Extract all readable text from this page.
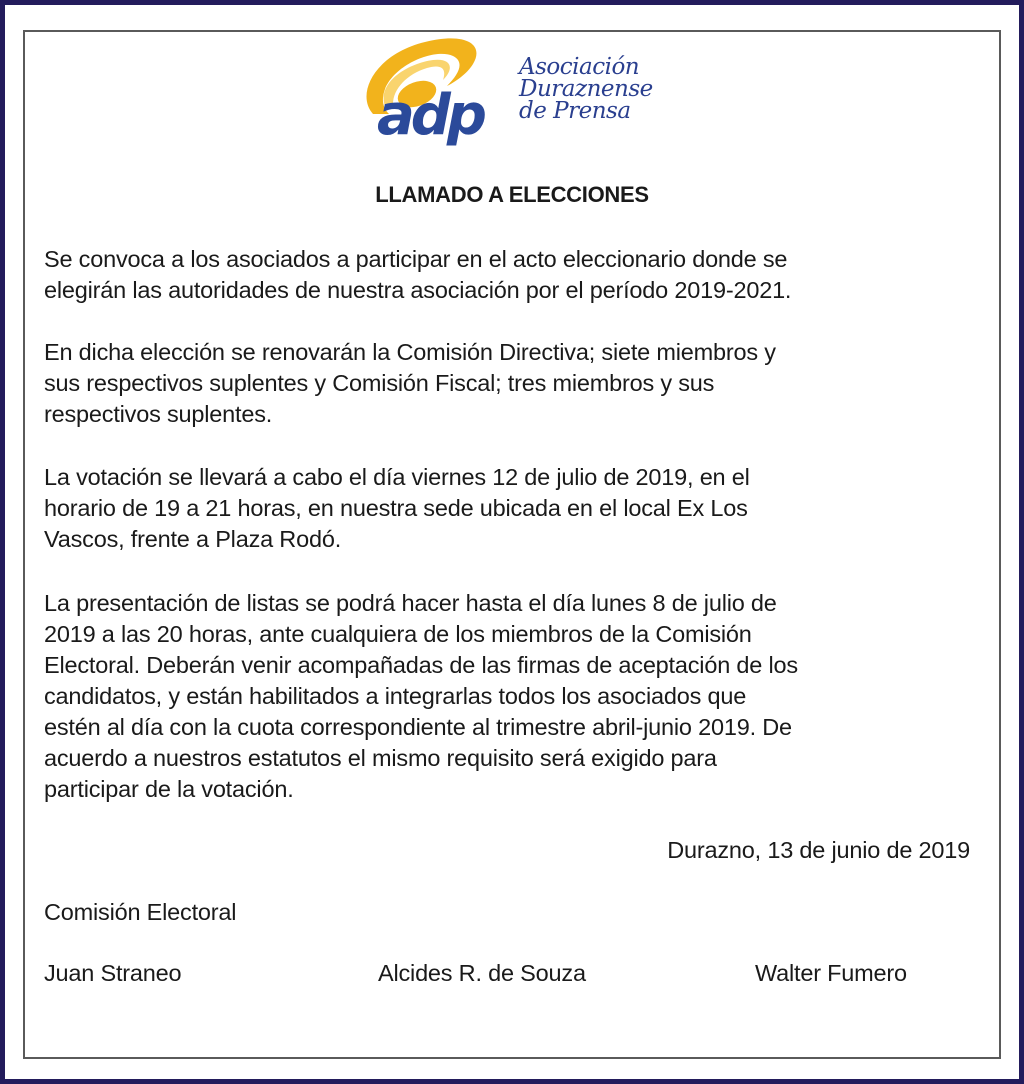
adp
Asociación
Duraznense
de Prensa
LLAMADO A ELECCIONES
Se convoca a los asociados a participar en el acto eleccionario donde se
elegirán las autoridades de nuestra asociación por el período 2019-2021.
En dicha elección se renovarán la Comisión Directiva; siete miembros y
sus respectivos suplentes y Comisión Fiscal; tres miembros y sus
respectivos suplentes.
La votación se llevará a cabo el día viernes 12 de julio de 2019, en el
horario de 19 a 21 horas, en nuestra sede ubicada en el local Ex Los
Vascos, frente a Plaza Rodó.
La presentación de listas se podrá hacer hasta el día lunes 8 de julio de
2019 a las 20 horas, ante cualquiera de los miembros de la Comisión
Electoral. Deberán venir acompañadas de las firmas de aceptación de los
candidatos, y están habilitados a integrarlas todos los asociados que
estén al día con la cuota correspondiente al trimestre abril-junio 2019. De
acuerdo a nuestros estatutos el mismo requisito será exigido para
participar de la votación.
Durazno, 13 de junio de 2019
Comisión Electoral
Juan Straneo	Alcides R. de Souza	Walter Fumero
